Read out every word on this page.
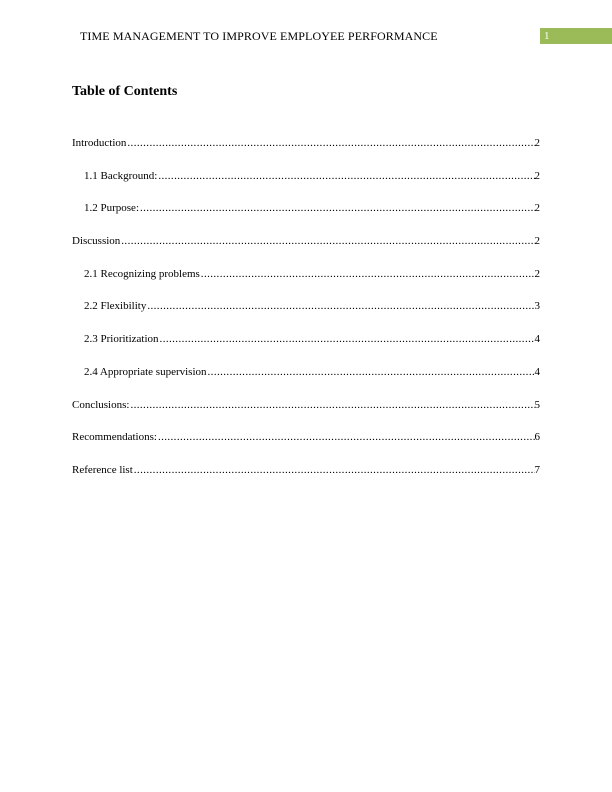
TIME MANAGEMENT TO IMPROVE EMPLOYEE PERFORMANCE	1
Table of Contents
Introduction .....	2
1.1 Background: .....	2
1.2 Purpose: .....	2
Discussion .....	2
2.1 Recognizing problems .....	2
2.2 Flexibility .....	3
2.3 Prioritization .....	4
2.4 Appropriate supervision .....	4
Conclusions: .....	5
Recommendations: .....	6
Reference list .....	7
